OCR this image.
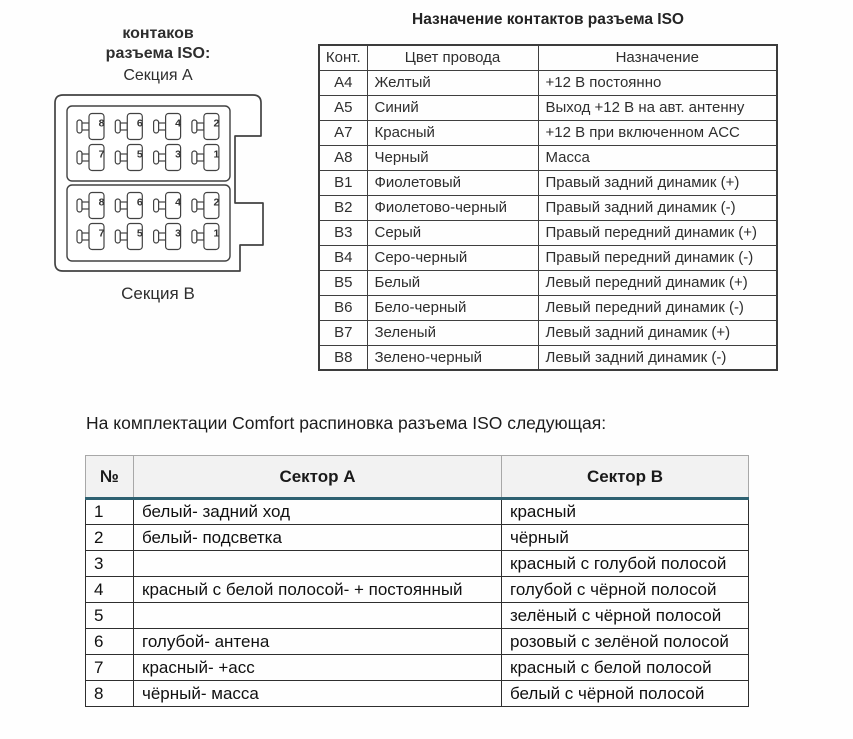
контаков
разъема ISO:
Секция A
8	6	4	2
7	5	3	1
8	6	4	2
7	5	3	1
Секция B
Назначение контактов разъема ISO
Конт.	Цвет провода	Назначение
A4	Желтый	+12 В постоянно
A5	Синий	Выход +12 В на авт. антенну
A7	Красный	+12 В при включенном ACC
A8	Черный	Масса
B1	Фиолетовый	Правый задний динамик (+)
B2	Фиолетово-черный	Правый задний динамик (-)
B3	Серый	Правый передний динамик (+)
B4	Серо-черный	Правый передний динамик (-)
B5	Белый	Левый передний динамик (+)
B6	Бело-черный	Левый передний динамик (-)
B7	Зеленый	Левый задний динамик (+)
B8	Зелено-черный	Левый задний динамик (-)
На комплектации Comfort распиновка разъема ISO следующая:
№	Сектор A	Сектор B
1	белый- задний ход	красный
2	белый- подсветка	чёрный
3		красный с голубой полосой
4	красный с белой полосой- + постоянный	голубой с чёрной полосой
5		зелёный с чёрной полосой
6	голубой- антена	розовый с зелёной полосой
7	красный- +асс	красный с белой полосой
8	чёрный- масса	белый с чёрной полосой
